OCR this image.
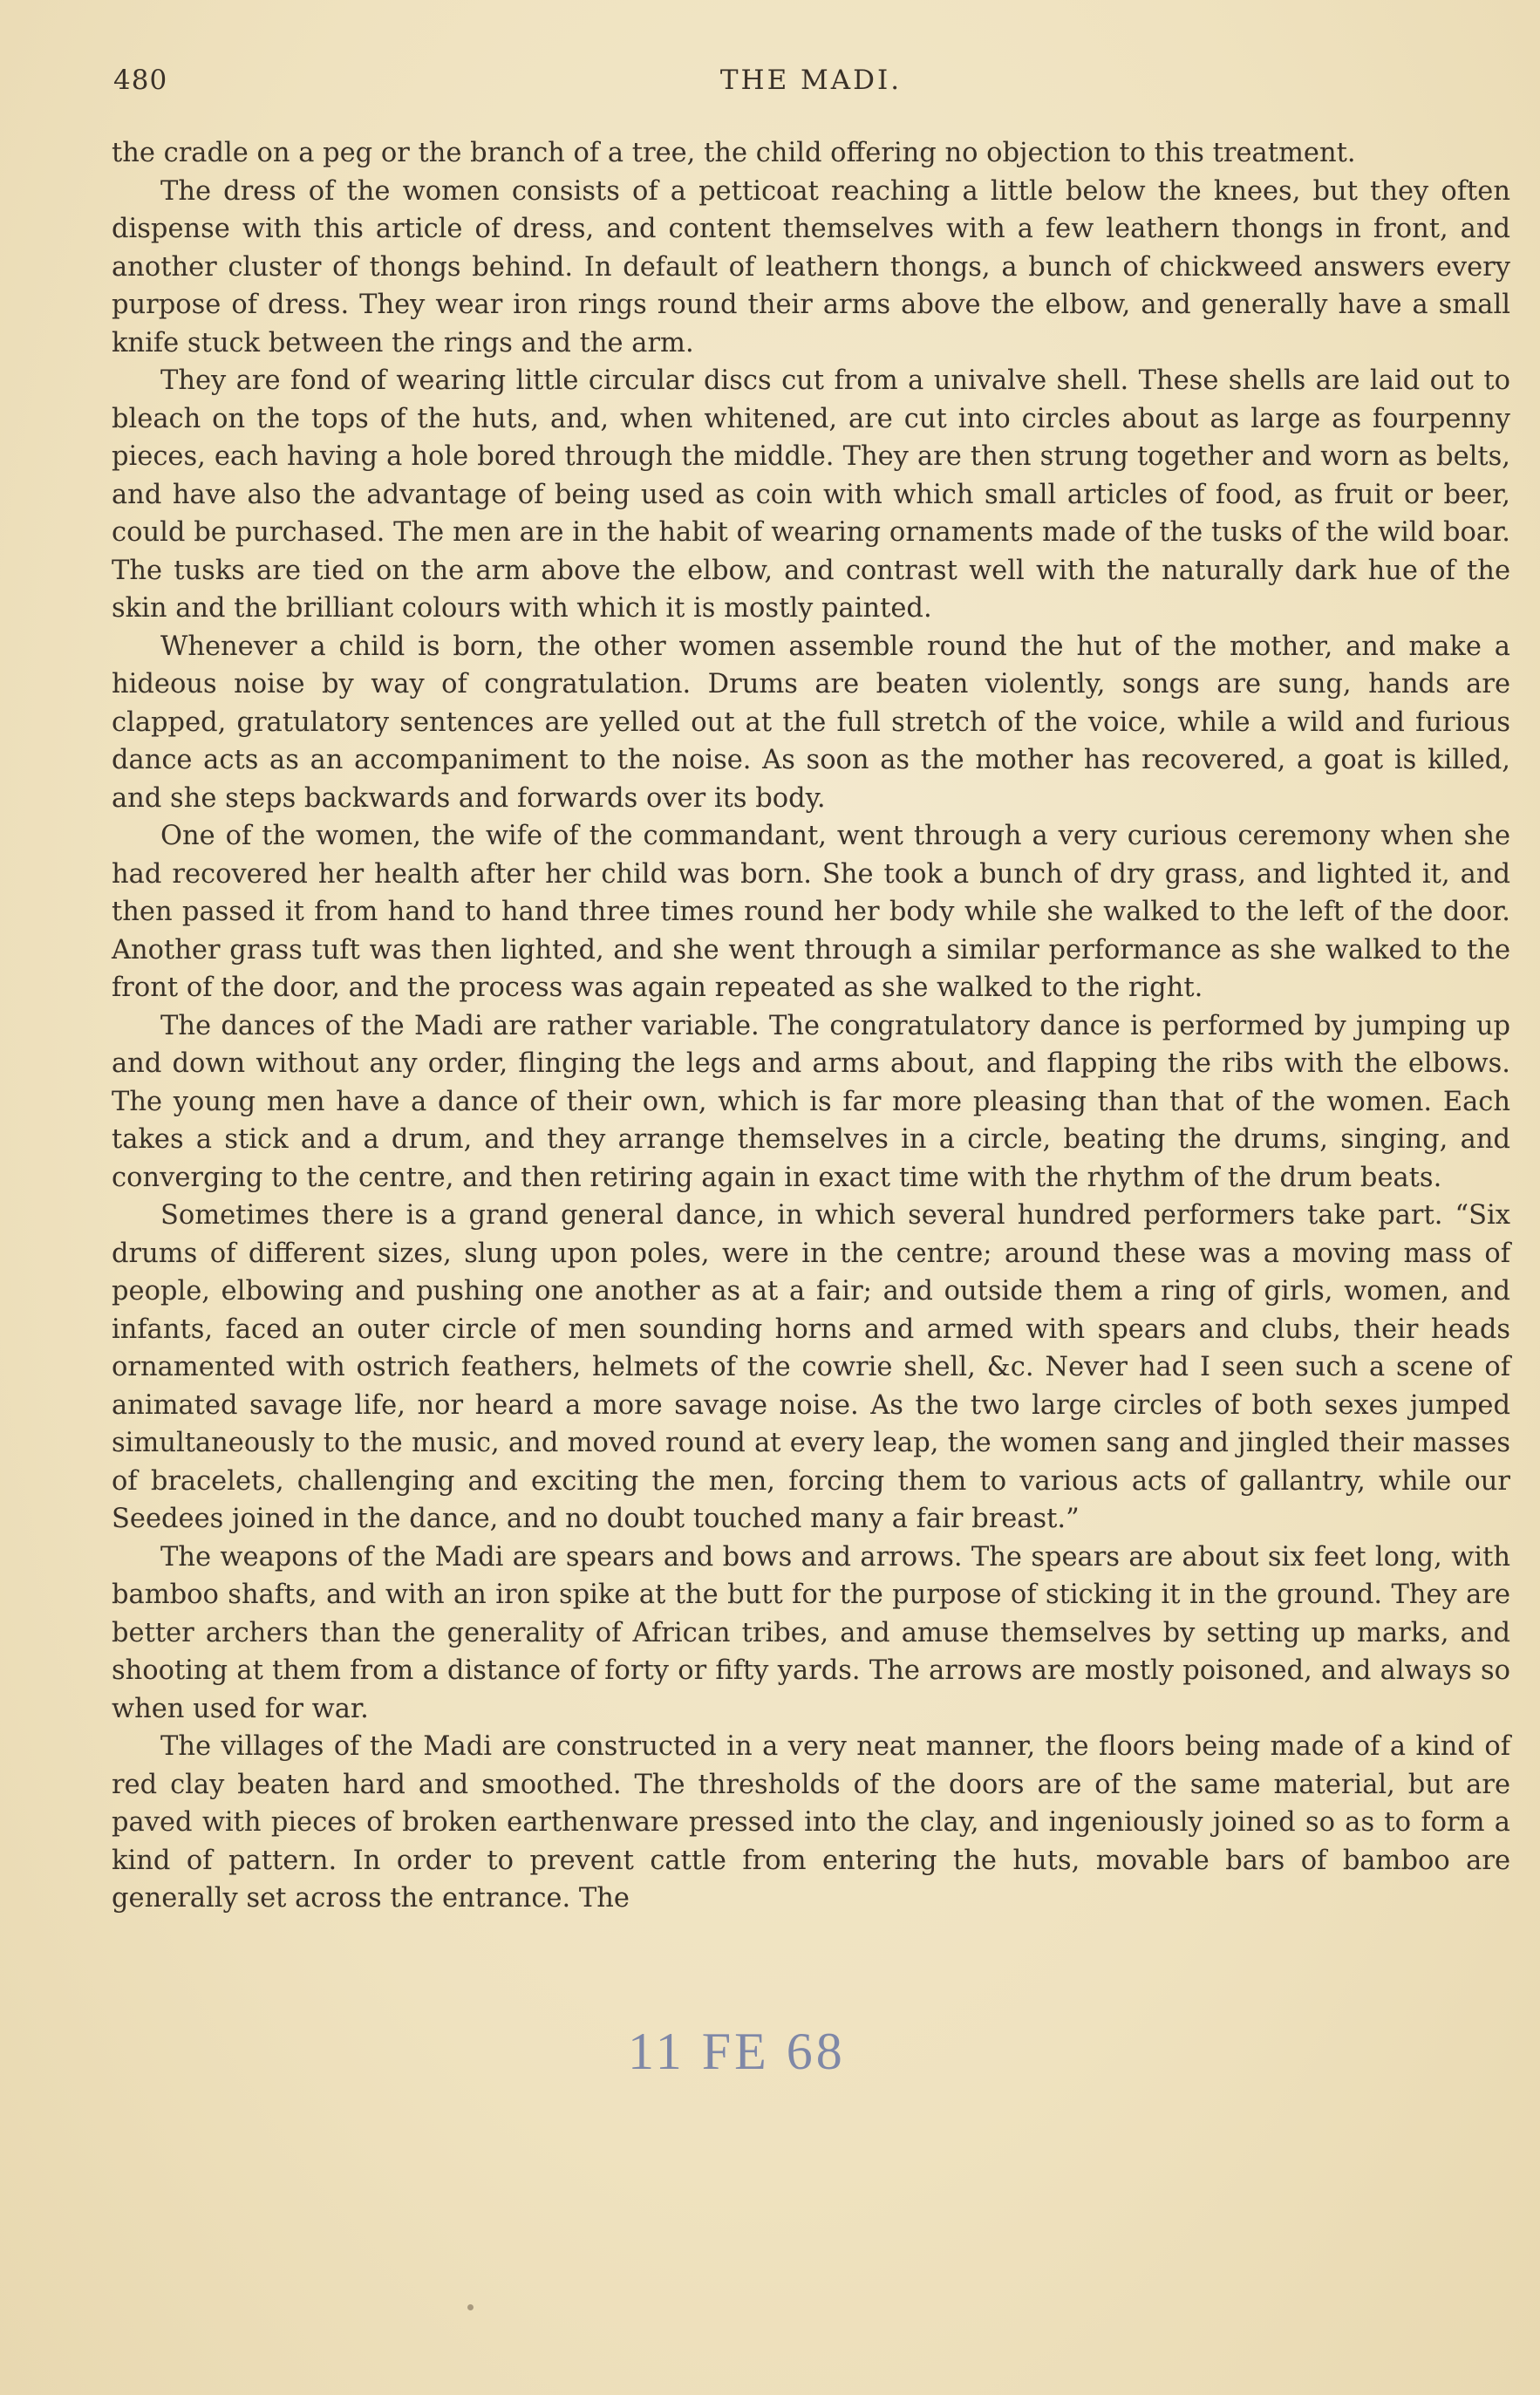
480	THE MADI.

the cradle on a peg or the branch of a tree, the child offering no objection to this treatment.

The dress of the women consists of a petticoat reaching a little below the knees, but they often dispense with this article of dress, and content themselves with a few leathern thongs in front, and another cluster of thongs behind. In default of leathern thongs, a bunch of chickweed answers every purpose of dress. They wear iron rings round their arms above the elbow, and generally have a small knife stuck between the rings and the arm.

They are fond of wearing little circular discs cut from a univalve shell. These shells are laid out to bleach on the tops of the huts, and, when whitened, are cut into circles about as large as fourpenny pieces, each having a hole bored through the middle. They are then strung together and worn as belts, and have also the advantage of being used as coin with which small articles of food, as fruit or beer, could be purchased. The men are in the habit of wearing ornaments made of the tusks of the wild boar. The tusks are tied on the arm above the elbow, and contrast well with the naturally dark hue of the skin and the brilliant colours with which it is mostly painted.

Whenever a child is born, the other women assemble round the hut of the mother, and make a hideous noise by way of congratulation. Drums are beaten violently, songs are sung, hands are clapped, gratulatory sentences are yelled out at the full stretch of the voice, while a wild and furious dance acts as an accompaniment to the noise. As soon as the mother has recovered, a goat is killed, and she steps backwards and forwards over its body.

One of the women, the wife of the commandant, went through a very curious ceremony when she had recovered her health after her child was born. She took a bunch of dry grass, and lighted it, and then passed it from hand to hand three times round her body while she walked to the left of the door. Another grass tuft was then lighted, and she went through a similar performance as she walked to the front of the door, and the process was again repeated as she walked to the right.

The dances of the Madi are rather variable. The congratulatory dance is performed by jumping up and down without any order, flinging the legs and arms about, and flapping the ribs with the elbows. The young men have a dance of their own, which is far more pleasing than that of the women. Each takes a stick and a drum, and they arrange themselves in a circle, beating the drums, singing, and converging to the centre, and then retiring again in exact time with the rhythm of the drum beats.

Sometimes there is a grand general dance, in which several hundred performers take part. “Six drums of different sizes, slung upon poles, were in the centre; around these was a moving mass of people, elbowing and pushing one another as at a fair; and outside them a ring of girls, women, and infants, faced an outer circle of men sounding horns and armed with spears and clubs, their heads ornamented with ostrich feathers, helmets of the cowrie shell, &c. Never had I seen such a scene of animated savage life, nor heard a more savage noise. As the two large circles of both sexes jumped simultaneously to the music, and moved round at every leap, the women sang and jingled their masses of bracelets, challenging and exciting the men, forcing them to various acts of gallantry, while our Seedees joined in the dance, and no doubt touched many a fair breast.”

The weapons of the Madi are spears and bows and arrows. The spears are about six feet long, with bamboo shafts, and with an iron spike at the butt for the purpose of sticking it in the ground. They are better archers than the generality of African tribes, and amuse themselves by setting up marks, and shooting at them from a distance of forty or fifty yards. The arrows are mostly poisoned, and always so when used for war.

The villages of the Madi are constructed in a very neat manner, the floors being made of a kind of red clay beaten hard and smoothed. The thresholds of the doors are of the same material, but are paved with pieces of broken earthenware pressed into the clay, and ingeniously joined so as to form a kind of pattern. In order to prevent cattle from entering the huts, movable bars of bamboo are generally set across the entrance. The

11 FE 68
